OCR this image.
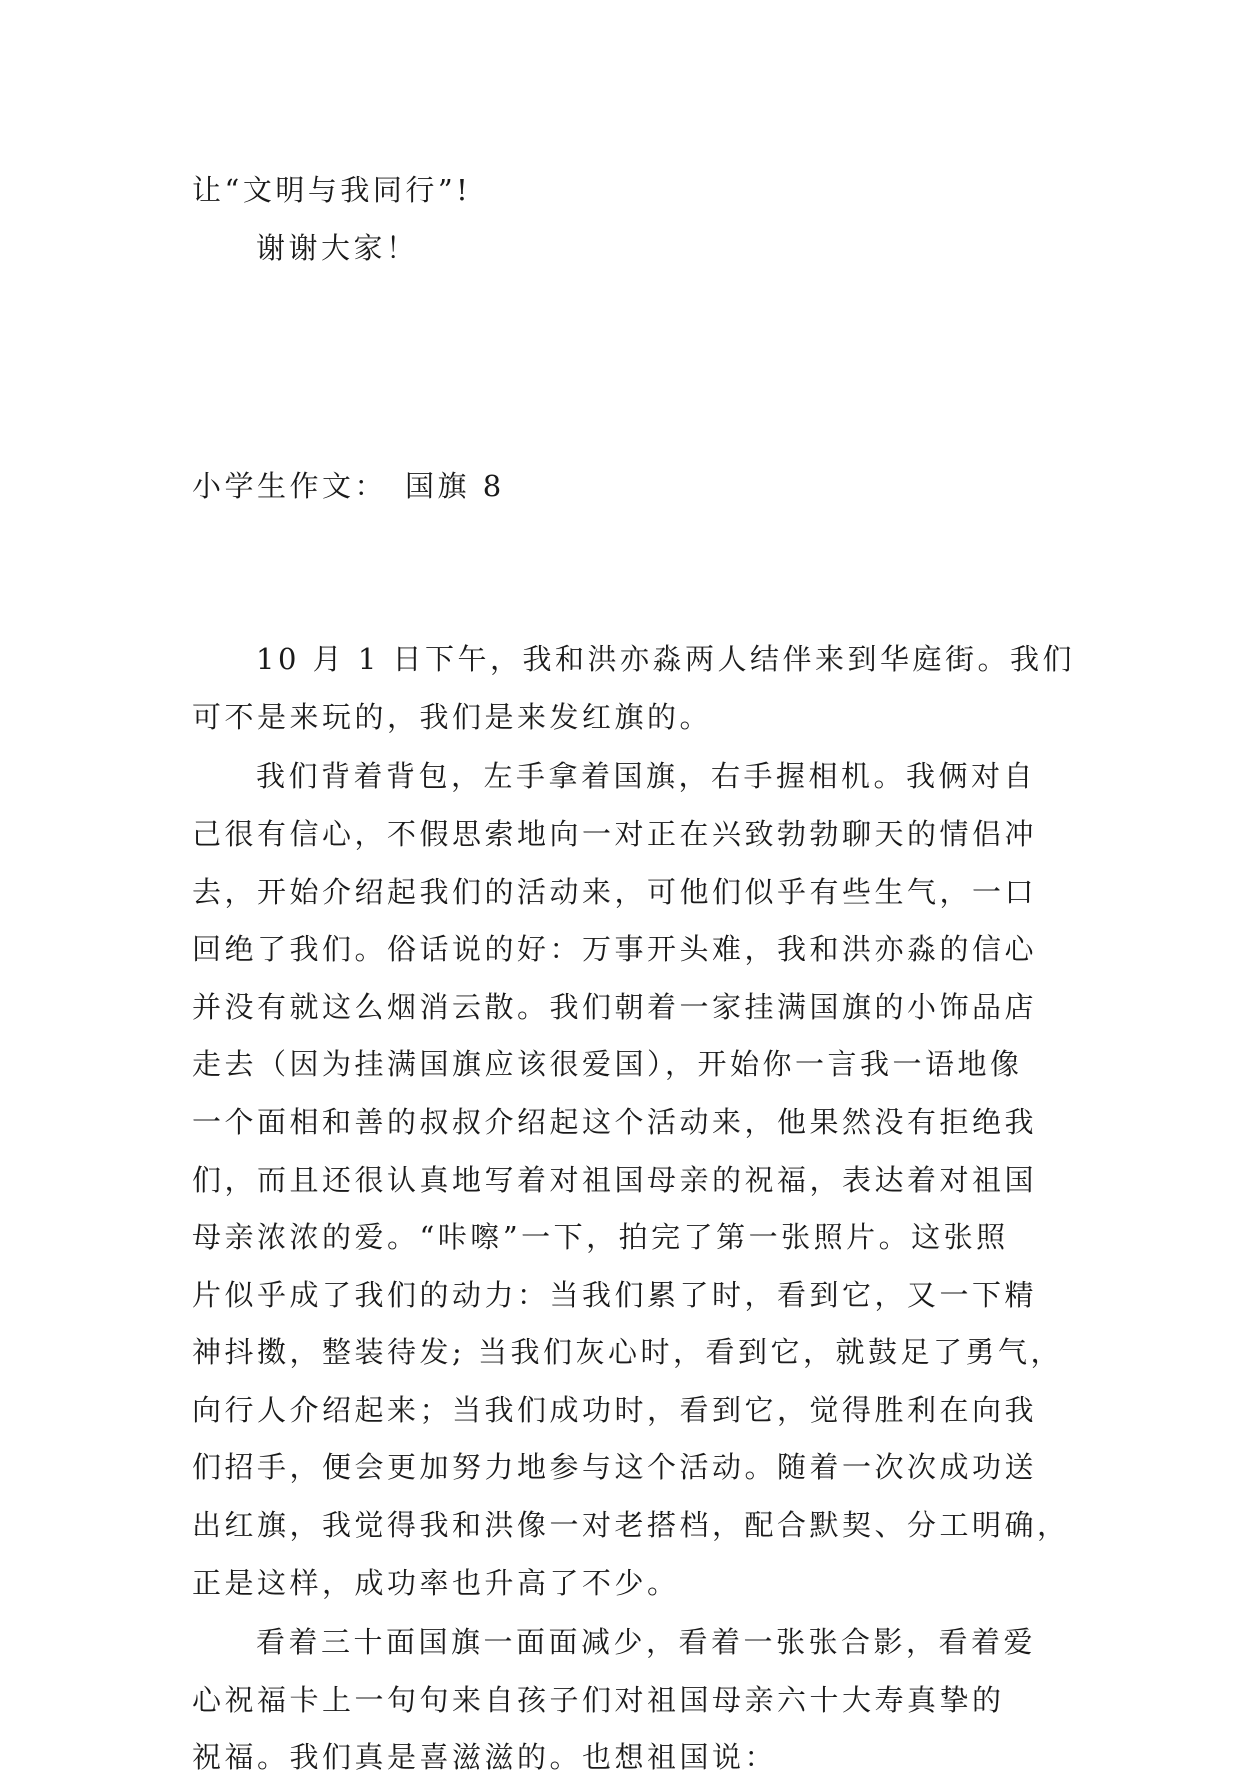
让“文明与我同行”!
谢谢大家！

小学生作文：　国旗 8

10 月 1 日下午，我和洪亦淼两人结伴来到华庭街。我们
可不是来玩的，我们是来发红旗的。
我们背着背包，左手拿着国旗，右手握相机。我俩对自
己很有信心，不假思索地向一对正在兴致勃勃聊天的情侣冲
去，开始介绍起我们的活动来，可他们似乎有些生气，一口
回绝了我们。俗话说的好：万事开头难，我和洪亦淼的信心
并没有就这么烟消云散。我们朝着一家挂满国旗的小饰品店
走去（因为挂满国旗应该很爱国），开始你一言我一语地像
一个面相和善的叔叔介绍起这个活动来，他果然没有拒绝我
们，而且还很认真地写着对祖国母亲的祝福，表达着对祖国
母亲浓浓的爱。“咔嚓”一下，拍完了第一张照片。这张照
片似乎成了我们的动力：当我们累了时，看到它，又一下精
神抖擞，整装待发; 当我们灰心时，看到它，就鼓足了勇气，
向行人介绍起来；当我们成功时，看到它，觉得胜利在向我
们招手，便会更加努力地参与这个活动。随着一次次成功送
出红旗，我觉得我和洪像一对老搭档，配合默契、分工明确，
正是这样，成功率也升高了不少。
看着三十面国旗一面面减少，看着一张张合影，看着爱
心祝福卡上一句句来自孩子们对祖国母亲六十大寿真挚的
祝福。我们真是喜滋滋的。也想祖国说：
